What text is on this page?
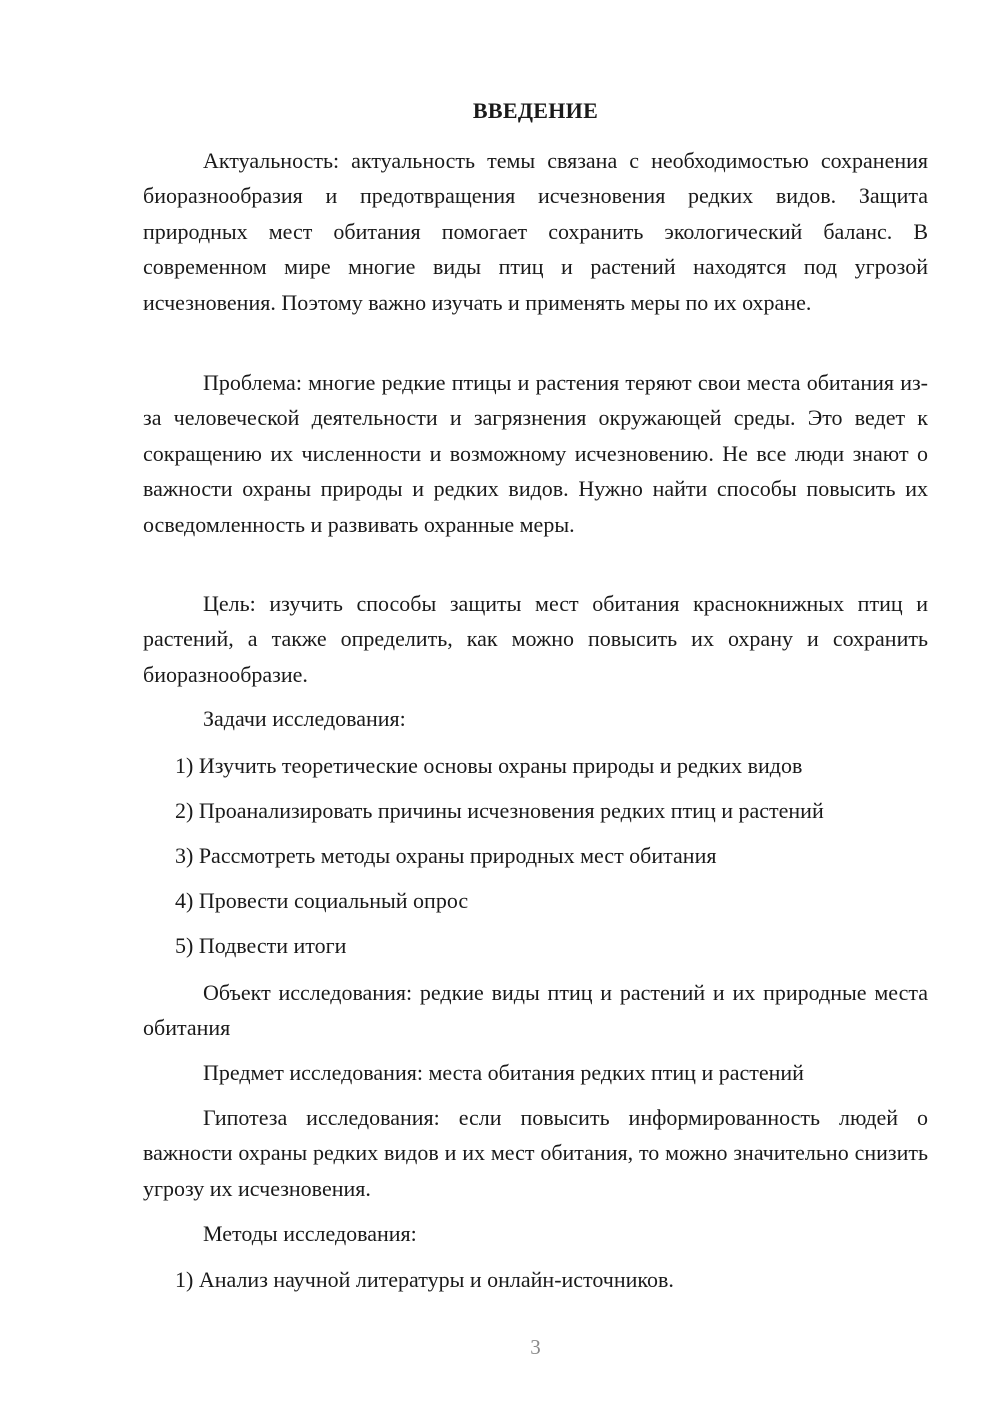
ВВЕДЕНИЕ

Актуальность: актуальность темы связана с необходимостью сохранения биоразнообразия и предотвращения исчезновения редких видов. Защита природных мест обитания помогает сохранить экологический баланс. В современном мире многие виды птиц и растений находятся под угрозой исчезновения. Поэтому важно изучать и применять меры по их охране.

Проблема: многие редкие птицы и растения теряют свои места обитания из-за человеческой деятельности и загрязнения окружающей среды. Это ведет к сокращению их численности и возможному исчезновению. Не все люди знают о важности охраны природы и редких видов. Нужно найти способы повысить их осведомленность и развивать охранные меры.

Цель: изучить способы защиты мест обитания краснокнижных птиц и растений, а также определить, как можно повысить их охрану и сохранить биоразнообразие.

Задачи исследования:

1) Изучить теоретические основы охраны природы и редких видов

2) Проанализировать причины исчезновения редких птиц и растений

3) Рассмотреть методы охраны природных мест обитания

4) Провести социальный опрос

5) Подвести итоги

Объект исследования: редкие виды птиц и растений и их природные места обитания

Предмет исследования: места обитания редких птиц и растений

Гипотеза исследования: если повысить информированность людей о важности охраны редких видов и их мест обитания, то можно значительно снизить угрозу их исчезновения.

Методы исследования:

1) Анализ научной литературы и онлайн-источников.

3
